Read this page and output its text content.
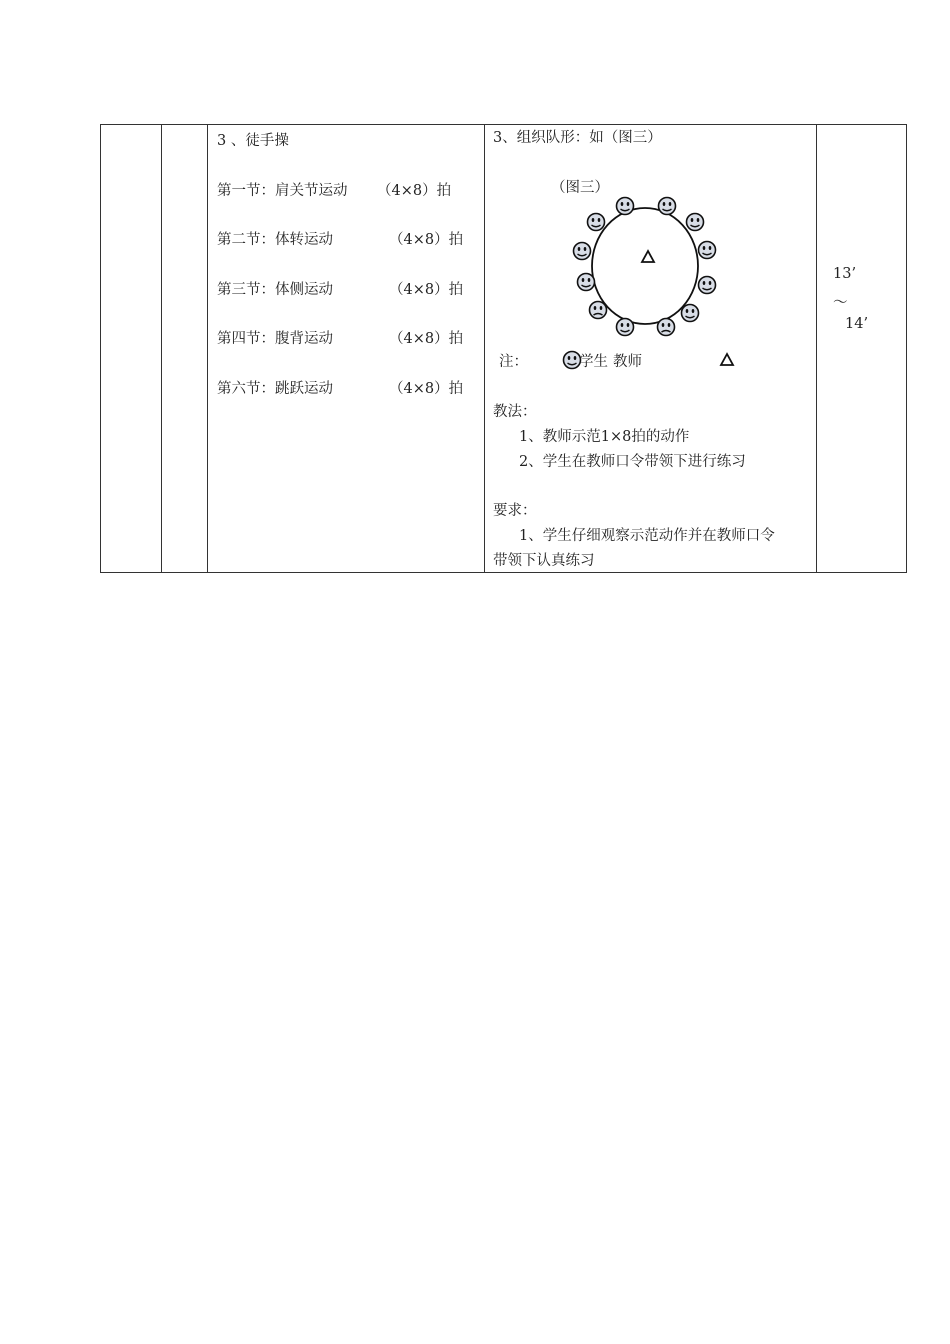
3 、徒手操
第一节：肩关节运动 （4×8）拍
第二节：体转运动	（4×8）拍
第三节：体侧运动	（4×8）拍
第四节：腹背运动	（4×8）拍
第六节：跳跃运动	（4×8）拍

3、组织队形：如（图三）
（图三）
注：	学生 教师
教法：
1、教师示范1×8拍的动作
2、学生在教师口令带领下进行练习
要求：
1、学生仔细观察示范动作并在教师口令
带领下认真练习

13’
～
14’
